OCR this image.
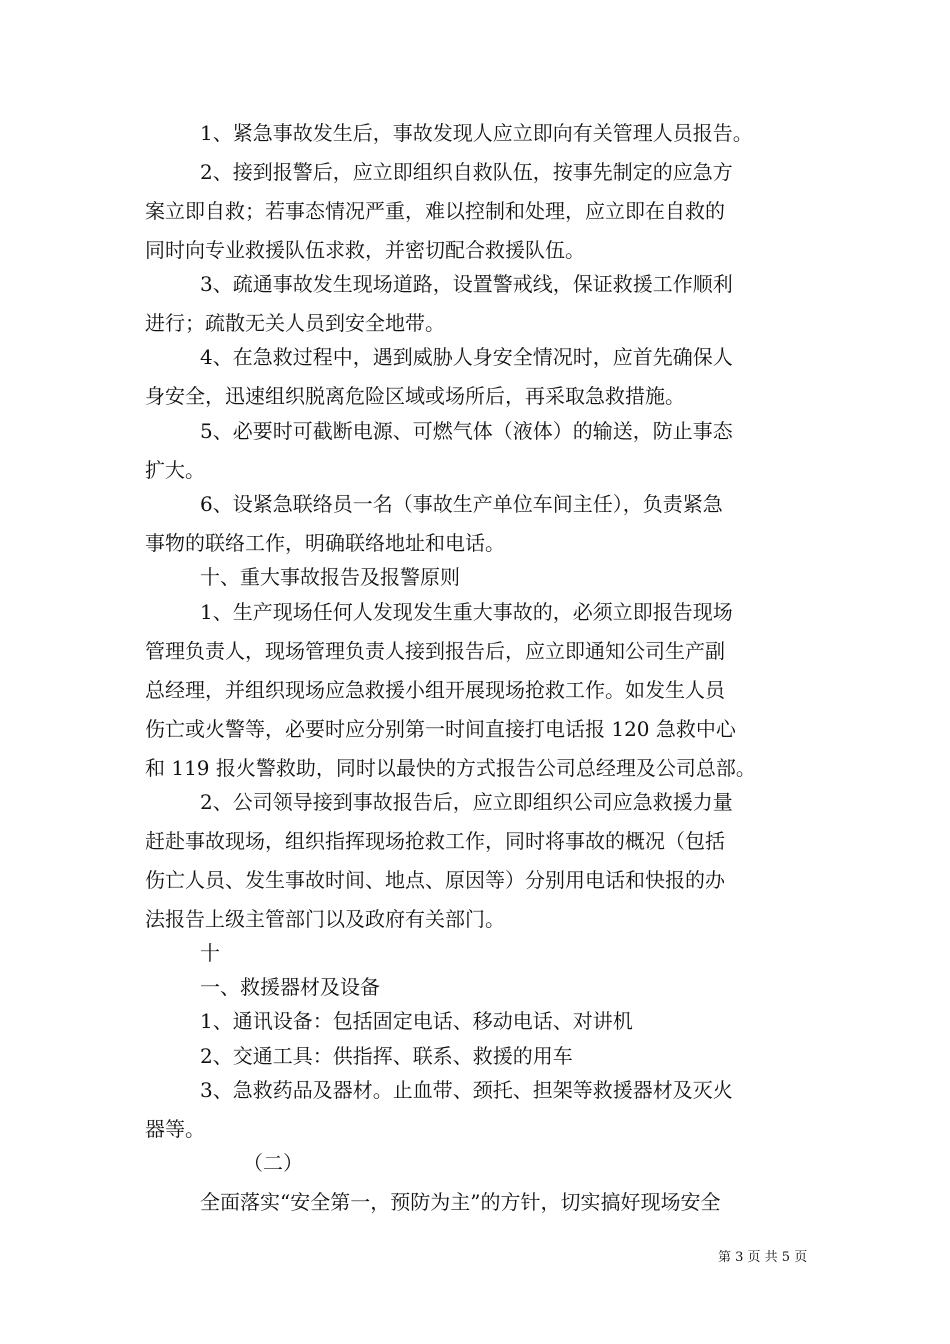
1、紧急事故发生后，事故发现人应立即向有关管理人员报告。
2、接到报警后，应立即组织自救队伍，按事先制定的应急方
案立即自救；若事态情况严重，难以控制和处理，应立即在自救的
同时向专业救援队伍求救，并密切配合救援队伍。
3、疏通事故发生现场道路，设置警戒线，保证救援工作顺利
进行；疏散无关人员到安全地带。
4、在急救过程中，遇到威胁人身安全情况时，应首先确保人
身安全，迅速组织脱离危险区域或场所后，再采取急救措施。
5、必要时可截断电源、可燃气体（液体）的输送，防止事态
扩大。
6、设紧急联络员一名（事故生产单位车间主任），负责紧急
事物的联络工作，明确联络地址和电话。
十、重大事故报告及报警原则
1、生产现场任何人发现发生重大事故的，必须立即报告现场
管理负责人，现场管理负责人接到报告后，应立即通知公司生产副
总经理，并组织现场应急救援小组开展现场抢救工作。如发生人员
伤亡或火警等，必要时应分别第一时间直接打电话报 120 急救中心
和 119 报火警救助，同时以最快的方式报告公司总经理及公司总部。
2、公司领导接到事故报告后，应立即组织公司应急救援力量
赶赴事故现场，组织指挥现场抢救工作，同时将事故的概况（包括
伤亡人员、发生事故时间、地点、原因等）分别用电话和快报的办
法报告上级主管部门以及政府有关部门。
十
一、救援器材及设备
1、通讯设备：包括固定电话、移动电话、对讲机
2、交通工具：供指挥、联系、救援的用车
3、急救药品及器材。止血带、颈托、担架等救援器材及灭火
器等。
（二）
全面落实“安全第一，预防为主”的方针，切实搞好现场安全
第 3 页 共 5 页
